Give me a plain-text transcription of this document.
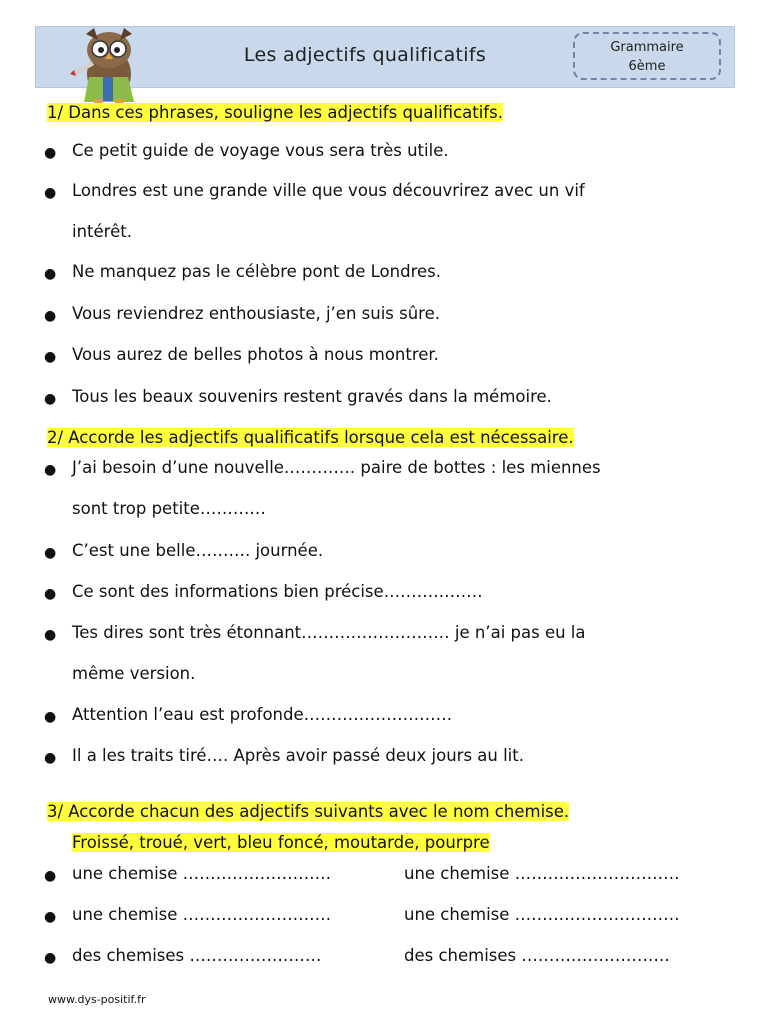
Les adjectifs qualificatifs	Grammaire
6ème
1/ Dans ces phrases, souligne les adjectifs qualificatifs.
● Ce petit guide de voyage vous sera très utile.
● Londres est une grande ville que vous découvrirez avec un vif
intérêt.
● Ne manquez pas le célèbre pont de Londres.
● Vous reviendrez enthousiaste, j’en suis sûre.
● Vous aurez de belles photos à nous montrer.
● Tous les beaux souvenirs restent gravés dans la mémoire.
2/ Accorde les adjectifs qualificatifs lorsque cela est nécessaire.
● J’ai besoin d’une nouvelle…………. paire de bottes : les miennes
sont trop petite…………
● C’est une belle………. journée.
● Ce sont des informations bien précise………………
● Tes dires sont très étonnant……………………… je n’ai pas eu la
même version.
● Attention l’eau est profonde………………………
● Il a les traits tiré…. Après avoir passé deux jours au lit.
3/ Accorde chacun des adjectifs suivants avec le nom chemise.
Froissé, troué, vert, bleu foncé, moutarde, pourpre
● une chemise ………………………	une chemise …………………………
● une chemise ………………………	une chemise …………………………
● des chemises ……………………	des chemises ………………………
www.dys-positif.fr
